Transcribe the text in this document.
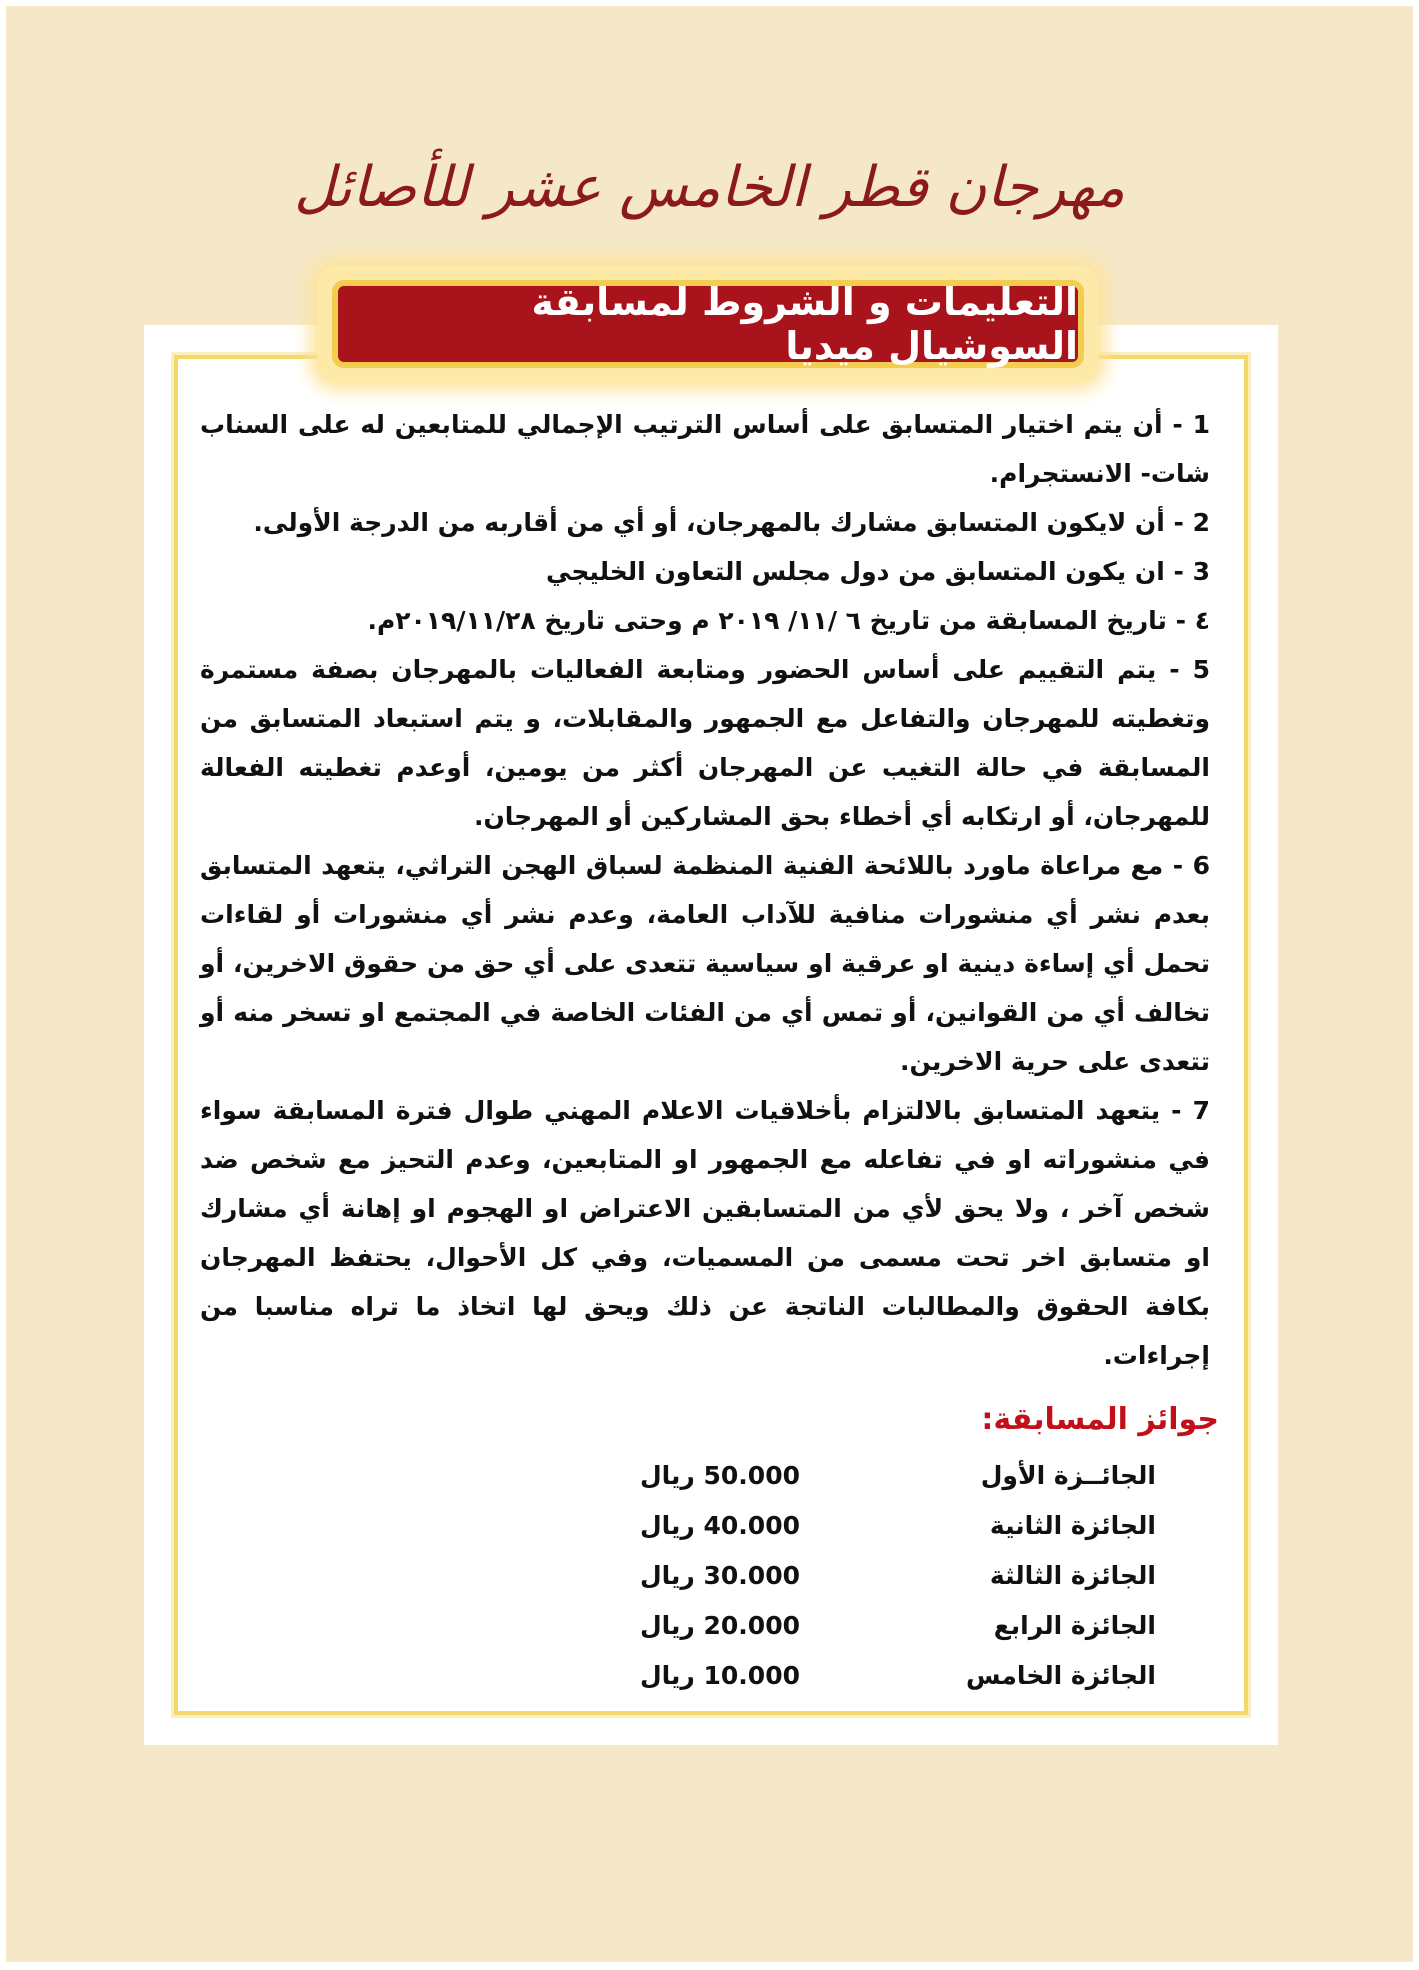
مهرجان قطر الخامس عشر للأصائل
التعليمات و الشروط لمسابقة السوشيال ميديا
1 - أن يتم اختيار المتسابق على أساس الترتيب الإجمالي للمتابعين له على السناب شات- الانستجرام.
2 - أن لايكون المتسابق مشارك بالمهرجان، أو أي من أقاربه من الدرجة الأولى.
3 - ان يكون المتسابق من دول مجلس التعاون الخليجي
٤ - تاريخ المسابقة من تاريخ ٦ /١١/ ٢٠١٩ م وحتى تاريخ ٢٠١٩/١١/٢٨م.
5 - يتم التقييم على أساس الحضور ومتابعة الفعاليات بالمهرجان بصفة مستمرة وتغطيته للمهرجان والتفاعل مع الجمهور والمقابلات، و يتم استبعاد المتسابق من المسابقة في حالة التغيب عن المهرجان أكثر من يومين، أوعدم تغطيته الفعالة للمهرجان، أو ارتكابه أي أخطاء بحق المشاركين أو المهرجان.
6 - مع مراعاة ماورد باللائحة الفنية المنظمة لسباق الهجن التراثي، يتعهد المتسابق بعدم نشر أي منشورات منافية للآداب العامة، وعدم نشر أي منشورات أو لقاءات تحمل أي إساءة دينية او عرقية او سياسية تتعدى على أي حق من حقوق الاخرين، أو تخالف أي من القوانين، أو تمس أي من الفئات الخاصة في المجتمع او تسخر منه أو تتعدى على حرية الاخرين.
7 - يتعهد المتسابق بالالتزام بأخلاقيات الاعلام المهني طوال فترة المسابقة سواء في منشوراته او في تفاعله مع الجمهور او المتابعين، وعدم التحيز مع شخص ضد شخص آخر ، ولا يحق لأي من المتسابقين الاعتراض او الهجوم او إهانة أي مشارك او متسابق اخر تحت مسمى من المسميات، وفي كل الأحوال، يحتفظ المهرجان بكافة الحقوق والمطالبات الناتجة عن ذلك ويحق لها اتخاذ ما تراه مناسبا من إجراءات.
جوائز المسابقة:
الجائــزة الأول
50.000 ريال
الجائزة الثانية
40.000 ريال
الجائزة الثالثة
30.000 ريال
الجائزة الرابع
20.000 ريال
الجائزة الخامس
10.000 ريال
